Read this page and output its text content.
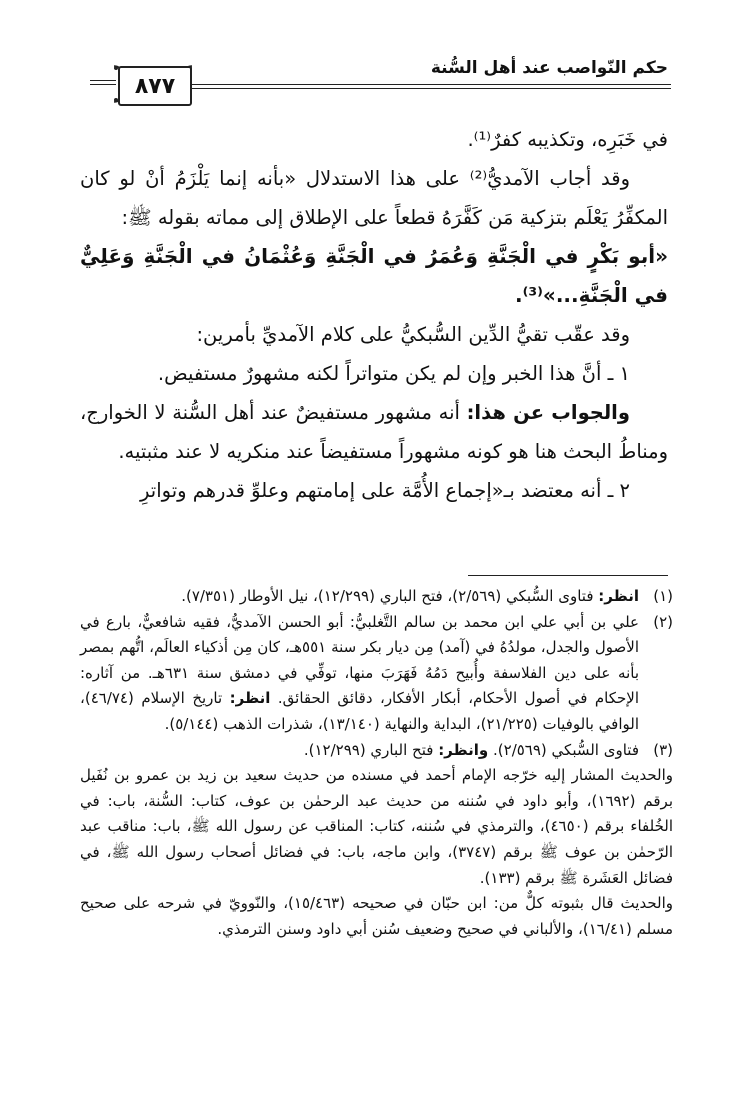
حكم النّواصب عند أهل السُّنة
٨٧٧

في خَبَرِه، وتكذيبه كفرٌ⁽¹⁾.

وقد أجاب الآمديُّ⁽²⁾ على هذا الاستدلال «بأنه إنما يَلْزَمُ أنْ لو كان المكفِّرُ يَعْلَم بتزكية مَن كَفَّرَهُ قطعاً على الإطلاق إلى مماته بقوله ﷺ:

«أبو بَكْرٍ في الْجَنَّةِ وَعُمَرُ في الْجَنَّةِ وَعُثْمَانُ في الْجَنَّةِ وَعَلِيٌّ في الْجَنَّةِ...»⁽³⁾.

وقد عقّب تقيُّ الدِّين السُّبكيُّ على كلام الآمديِّ بأمرين:

١ ـ أنَّ هذا الخبر وإن لم يكن متواتراً لكنه مشهورٌ مستفيض.

والجواب عن هذا: أنه مشهور مستفيضٌ عند أهل السُّنة لا الخوارج، ومناطُ البحث هنا هو كونه مشهوراً مستفيضاً عند منكريه لا عند مثبتيه.

٢ ـ أنه معتضد بـ«إجماع الأُمَّة على إمامتهم وعلوِّ قدرهم وتواترِ

(١)
انظر: فتاوى السُّبكي (٢/٥٦٩)، فتح الباري (١٢/٢٩٩)، نيل الأوطار (٧/٣٥١).
(٢)
علي بن أبي علي ابن محمد بن سالم التَّغلبيُّ: أبو الحسن الآمديُّ، فقيه شافعيٌّ، بارع في الأصول والجدل، مولدُهُ في (آمد) مِن ديار بكر سنة ٥٥١هـ، كان مِن أذكياء العالَم، اتُّهم بمصر بأنه على دين الفلاسفة وأُبيح دَمُهُ فَهَرَبَ منها، توفِّي في دمشق سنة ٦٣١هـ. من آثاره: الإحكام في أصول الأحكام، أبكار الأفكار، دقائق الحقائق. انظر: تاريخ الإسلام (٤٦/٧٤)، الوافي بالوفيات (٢١/٢٢٥)، البداية والنهاية (١٣/١٤٠)، شذرات الذهب (٥/١٤٤).
(٣)
فتاوى السُّبكي (٢/٥٦٩). وانظر: فتح الباري (١٢/٢٩٩).

والحديث المشار إليه خرّجه الإمام أحمد في مسنده من حديث سعيد بن زيد بن عمرو بن نُفَيل برقم (١٦٩٢)، وأبو داود في سُننه من حديث عبد الرحمٰن بن عوف، كتاب: السُّنة، باب: في الخُلفاء برقم (٤٦٥٠)، والترمذي في سُننه، كتاب: المناقب عن رسول الله ﷺ، باب: مناقب عبد الرّحمٰن بن عوف ﷺ برقم (٣٧٤٧)، وابن ماجه، باب: في فضائل أصحاب رسول الله ﷺ، في فضائل العَشَرة ﷺ برقم (١٣٣).

والحديث قال بثبوته كلٌّ من: ابن حبّان في صحيحه (١٥/٤٦٣)، والنّوويّ في شرحه على صحيح مسلم (١٦/٤١)، والألباني في صحيح وضعيف سُنن أبي داود وسنن الترمذي.
